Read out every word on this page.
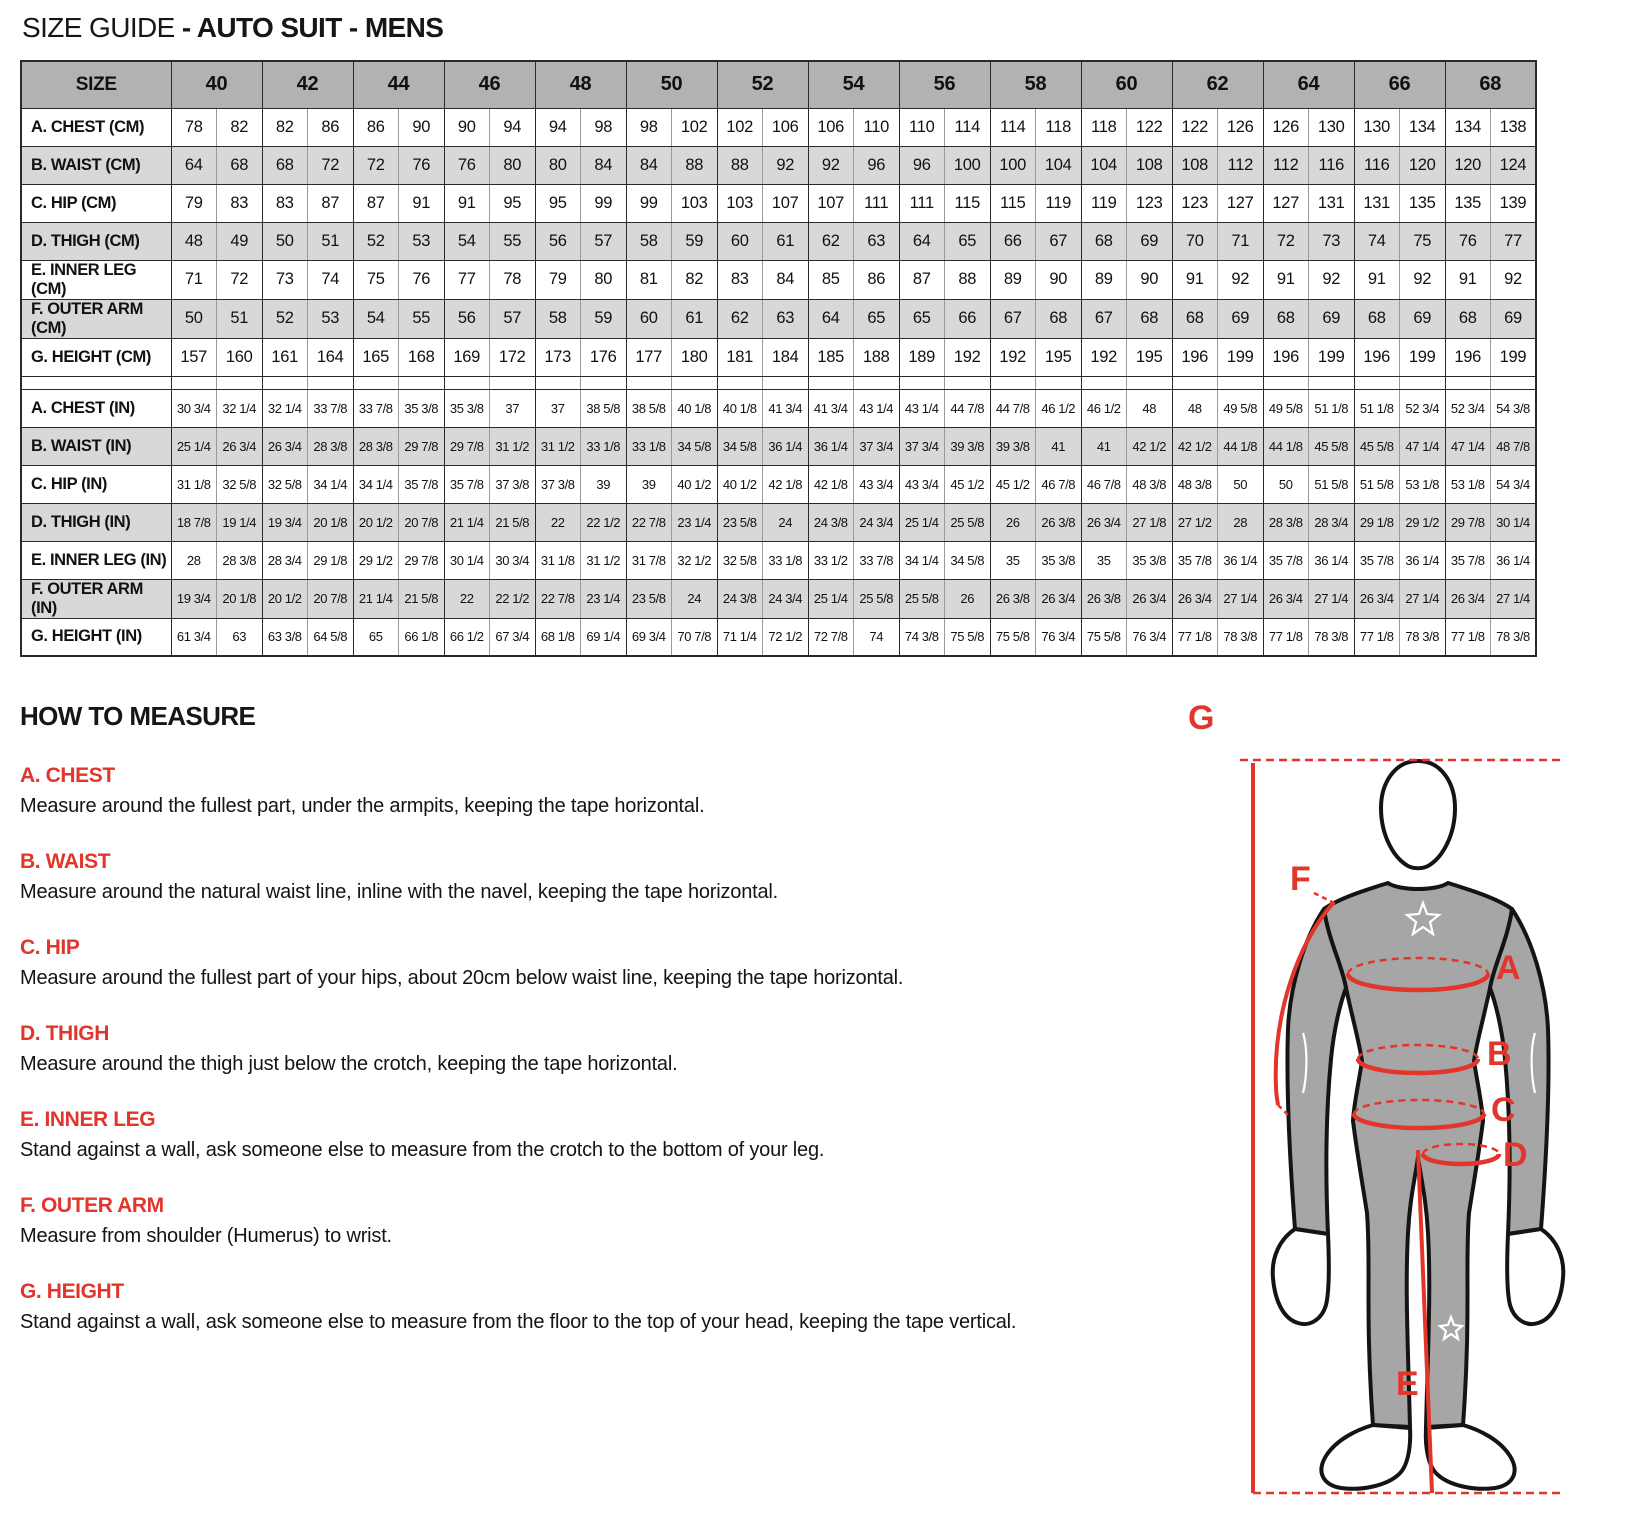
SIZE GUIDE - AUTO SUIT - MENS
SIZE	40		42		44		46		48		50		52		54		56		58		60		62		64		66		68	
A. CHEST (CM)	78	82	82	86	86	90	90	94	94	98	98	102	102	106	106	110	110	114	114	118	118	122	122	126	126	130	130	134	134	138
B. WAIST (CM)	64	68	68	72	72	76	76	80	80	84	84	88	88	92	92	96	96	100	100	104	104	108	108	112	112	116	116	120	120	124
C. HIP (CM)	79	83	83	87	87	91	91	95	95	99	99	103	103	107	107	111	111	115	115	119	119	123	123	127	127	131	131	135	135	139
D. THIGH (CM)	48	49	50	51	52	53	54	55	56	57	58	59	60	61	62	63	64	65	66	67	68	69	70	71	72	73	74	75	76	77
E. INNER LEG (CM)	71	72	73	74	75	76	77	78	79	80	81	82	83	84	85	86	87	88	89	90	89	90	91	92	91	92	91	92	91	92
F. OUTER ARM (CM)	50	51	52	53	54	55	56	57	58	59	60	61	62	63	64	65	65	66	67	68	67	68	68	69	68	69	68	69	68	69
G. HEIGHT (CM)	157	160	161	164	165	168	169	172	173	176	177	180	181	184	185	188	189	192	192	195	192	195	196	199	196	199	196	199	196	199

A. CHEST (IN)	30 3/4	32 1/4	32 1/4	33 7/8	33 7/8	35 3/8	35 3/8	37	37	38 5/8	38 5/8	40 1/8	40 1/8	41 3/4	41 3/4	43 1/4	43 1/4	44 7/8	44 7/8	46 1/2	46 1/2	48	48	49 5/8	49 5/8	51 1/8	51 1/8	52 3/4	52 3/4	54 3/8
B. WAIST (IN)	25 1/4	26 3/4	26 3/4	28 3/8	28 3/8	29 7/8	29 7/8	31 1/2	31 1/2	33 1/8	33 1/8	34 5/8	34 5/8	36 1/4	36 1/4	37 3/4	37 3/4	39 3/8	39 3/8	41	41	42 1/2	42 1/2	44 1/8	44 1/8	45 5/8	45 5/8	47 1/4	47 1/4	48 7/8
C. HIP (IN)	31 1/8	32 5/8	32 5/8	34 1/4	34 1/4	35 7/8	35 7/8	37 3/8	37 3/8	39	39	40 1/2	40 1/2	42 1/8	42 1/8	43 3/4	43 3/4	45 1/2	45 1/2	46 7/8	46 7/8	48 3/8	48 3/8	50	50	51 5/8	51 5/8	53 1/8	53 1/8	54 3/4
D. THIGH (IN)	18 7/8	19 1/4	19 3/4	20 1/8	20 1/2	20 7/8	21 1/4	21 5/8	22	22 1/2	22 7/8	23 1/4	23 5/8	24	24 3/8	24 3/4	25 1/4	25 5/8	26	26 3/8	26 3/4	27 1/8	27 1/2	28	28 3/8	28 3/4	29 1/8	29 1/2	29 7/8	30 1/4
E. INNER LEG (IN)	28	28 3/8	28 3/4	29 1/8	29 1/2	29 7/8	30 1/4	30 3/4	31 1/8	31 1/2	31 7/8	32 1/2	32 5/8	33 1/8	33 1/2	33 7/8	34 1/4	34 5/8	35	35 3/8	35	35 3/8	35 7/8	36 1/4	35 7/8	36 1/4	35 7/8	36 1/4	35 7/8	36 1/4
F. OUTER ARM (IN)	19 3/4	20 1/8	20 1/2	20 7/8	21 1/4	21 5/8	22	22 1/2	22 7/8	23 1/4	23 5/8	24	24 3/8	24 3/4	25 1/4	25 5/8	25 5/8	26	26 3/8	26 3/4	26 3/8	26 3/4	26 3/4	27 1/4	26 3/4	27 1/4	26 3/4	27 1/4	26 3/4	27 1/4
G. HEIGHT (IN)	61 3/4	63	63 3/8	64 5/8	65	66 1/8	66 1/2	67 3/4	68 1/8	69 1/4	69 3/4	70 7/8	71 1/4	72 1/2	72 7/8	74	74 3/8	75 5/8	75 5/8	76 3/4	75 5/8	76 3/4	77 1/8	78 3/8	77 1/8	78 3/8	77 1/8	78 3/8	77 1/8	78 3/8
HOW TO MEASURE
A. CHEST

Measure around the fullest part, under the armpits, keeping the tape horizontal.

B. WAIST

Measure around the natural waist line, inline with the navel, keeping the tape horizontal.

C. HIP

Measure around the fullest part of your hips, about 20cm below waist line, keeping the tape horizontal.

D. THIGH

Measure around the thigh just below the crotch, keeping the tape horizontal.

E. INNER LEG

Stand against a wall, ask someone else to measure from the crotch to the bottom of your leg.

F. OUTER ARM

Measure from shoulder (Humerus) to wrist.

G. HEIGHT

Stand against a wall, ask someone else to measure from the floor to the top of your head, keeping the tape vertical.

G
F
A
B
C
D
E
